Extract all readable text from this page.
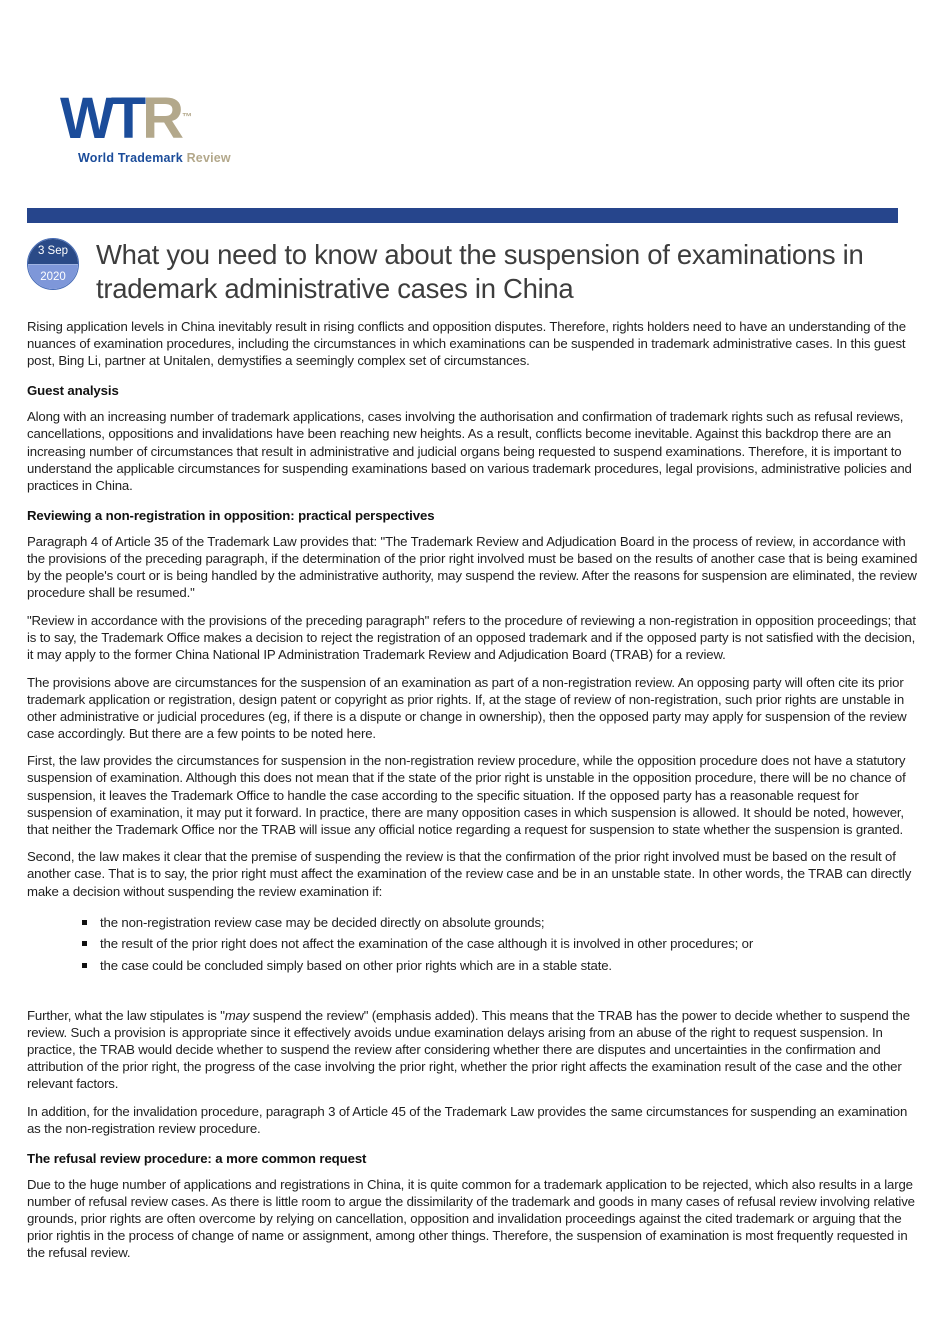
WTR ™
World Trademark Review
3 Sep
2020
What you need to know about the suspension of examinations in trademark administrative cases in China

Rising application levels in China inevitably result in rising conflicts and opposition disputes. Therefore, rights holders need to have an understanding of the nuances of examination procedures, including the circumstances in which examinations can be suspended in trademark administrative cases. In this guest post, Bing Li, partner at Unitalen, demystifies a seemingly complex set of circumstances.

Guest analysis

Along with an increasing number of trademark applications, cases involving the authorisation and confirmation of trademark rights such as refusal reviews, cancellations, oppositions and invalidations have been reaching new heights. As a result, conflicts become inevitable. Against this backdrop there are an increasing number of circumstances that result in administrative and judicial organs being requested to suspend examinations. Therefore, it is important to understand the applicable circumstances for suspending examinations based on various trademark procedures, legal provisions, administrative policies and practices in China.

Reviewing a non-registration in opposition: practical perspectives

Paragraph 4 of Article 35 of the Trademark Law provides that: "The Trademark Review and Adjudication Board in the process of review, in accordance with the provisions of the preceding paragraph, if the determination of the prior right involved must be based on the results of another case that is being examined by the people's court or is being handled by the administrative authority, may suspend the review. After the reasons for suspension are eliminated, the review procedure shall be resumed."

"Review in accordance with the provisions of the preceding paragraph" refers to the procedure of reviewing a non-registration in opposition proceedings; that is to say, the Trademark Office makes a decision to reject the registration of an opposed trademark and if the opposed party is not satisfied with the decision, it may apply to the former China National IP Administration Trademark Review and Adjudication Board (TRAB) for a review.

The provisions above are circumstances for the suspension of an examination as part of a non-registration review. An opposing party will often cite its prior trademark application or registration, design patent or copyright as prior rights. If, at the stage of review of non-registration, such prior rights are unstable in other administrative or judicial procedures (eg, if there is a dispute or change in ownership), then the opposed party may apply for suspension of the review case accordingly. But there are a few points to be noted here.

First, the law provides the circumstances for suspension in the non-registration review procedure, while the opposition procedure does not have a statutory suspension of examination. Although this does not mean that if the state of the prior right is unstable in the opposition procedure, there will be no chance of suspension, it leaves the Trademark Office to handle the case according to the specific situation. If the opposed party has a reasonable request for suspension of examination, it may put it forward. In practice, there are many opposition cases in which suspension is allowed. It should be noted, however, that neither the Trademark Office nor the TRAB will issue any official notice regarding a request for suspension to state whether the suspension is granted.

Second, the law makes it clear that the premise of suspending the review is that the confirmation of the prior right involved must be based on the result of another case. That is to say, the prior right must affect the examination of the review case and be in an unstable state. In other words, the TRAB can directly make a decision without suspending the review examination if:

the non-registration review case may be decided directly on absolute grounds;
the result of the prior right does not affect the examination of the case although it is involved in other procedures; or
the case could be concluded simply based on other prior rights which are in a stable state.

Further, what the law stipulates is "may suspend the review" (emphasis added). This means that the TRAB has the power to decide whether to suspend the review. Such a provision is appropriate since it effectively avoids undue examination delays arising from an abuse of the right to request suspension. In practice, the TRAB would decide whether to suspend the review after considering whether there are disputes and uncertainties in the confirmation and attribution of the prior right, the progress of the case involving the prior right, whether the prior right affects the examination result of the case and the other relevant factors.

In addition, for the invalidation procedure, paragraph 3 of Article 45 of the Trademark Law provides the same circumstances for suspending an examination as the non-registration review procedure.

The refusal review procedure: a more common request

Due to the huge number of applications and registrations in China, it is quite common for a trademark application to be rejected, which also results in a large number of refusal review cases. As there is little room to argue the dissimilarity of the trademark and goods in many cases of refusal review involving relative grounds, prior rights are often overcome by relying on cancellation, opposition and invalidation proceedings against the cited trademark or arguing that the prior rightis in the process of change of name or assignment, among other things. Therefore, the suspension of examination is most frequently requested in the refusal review.
